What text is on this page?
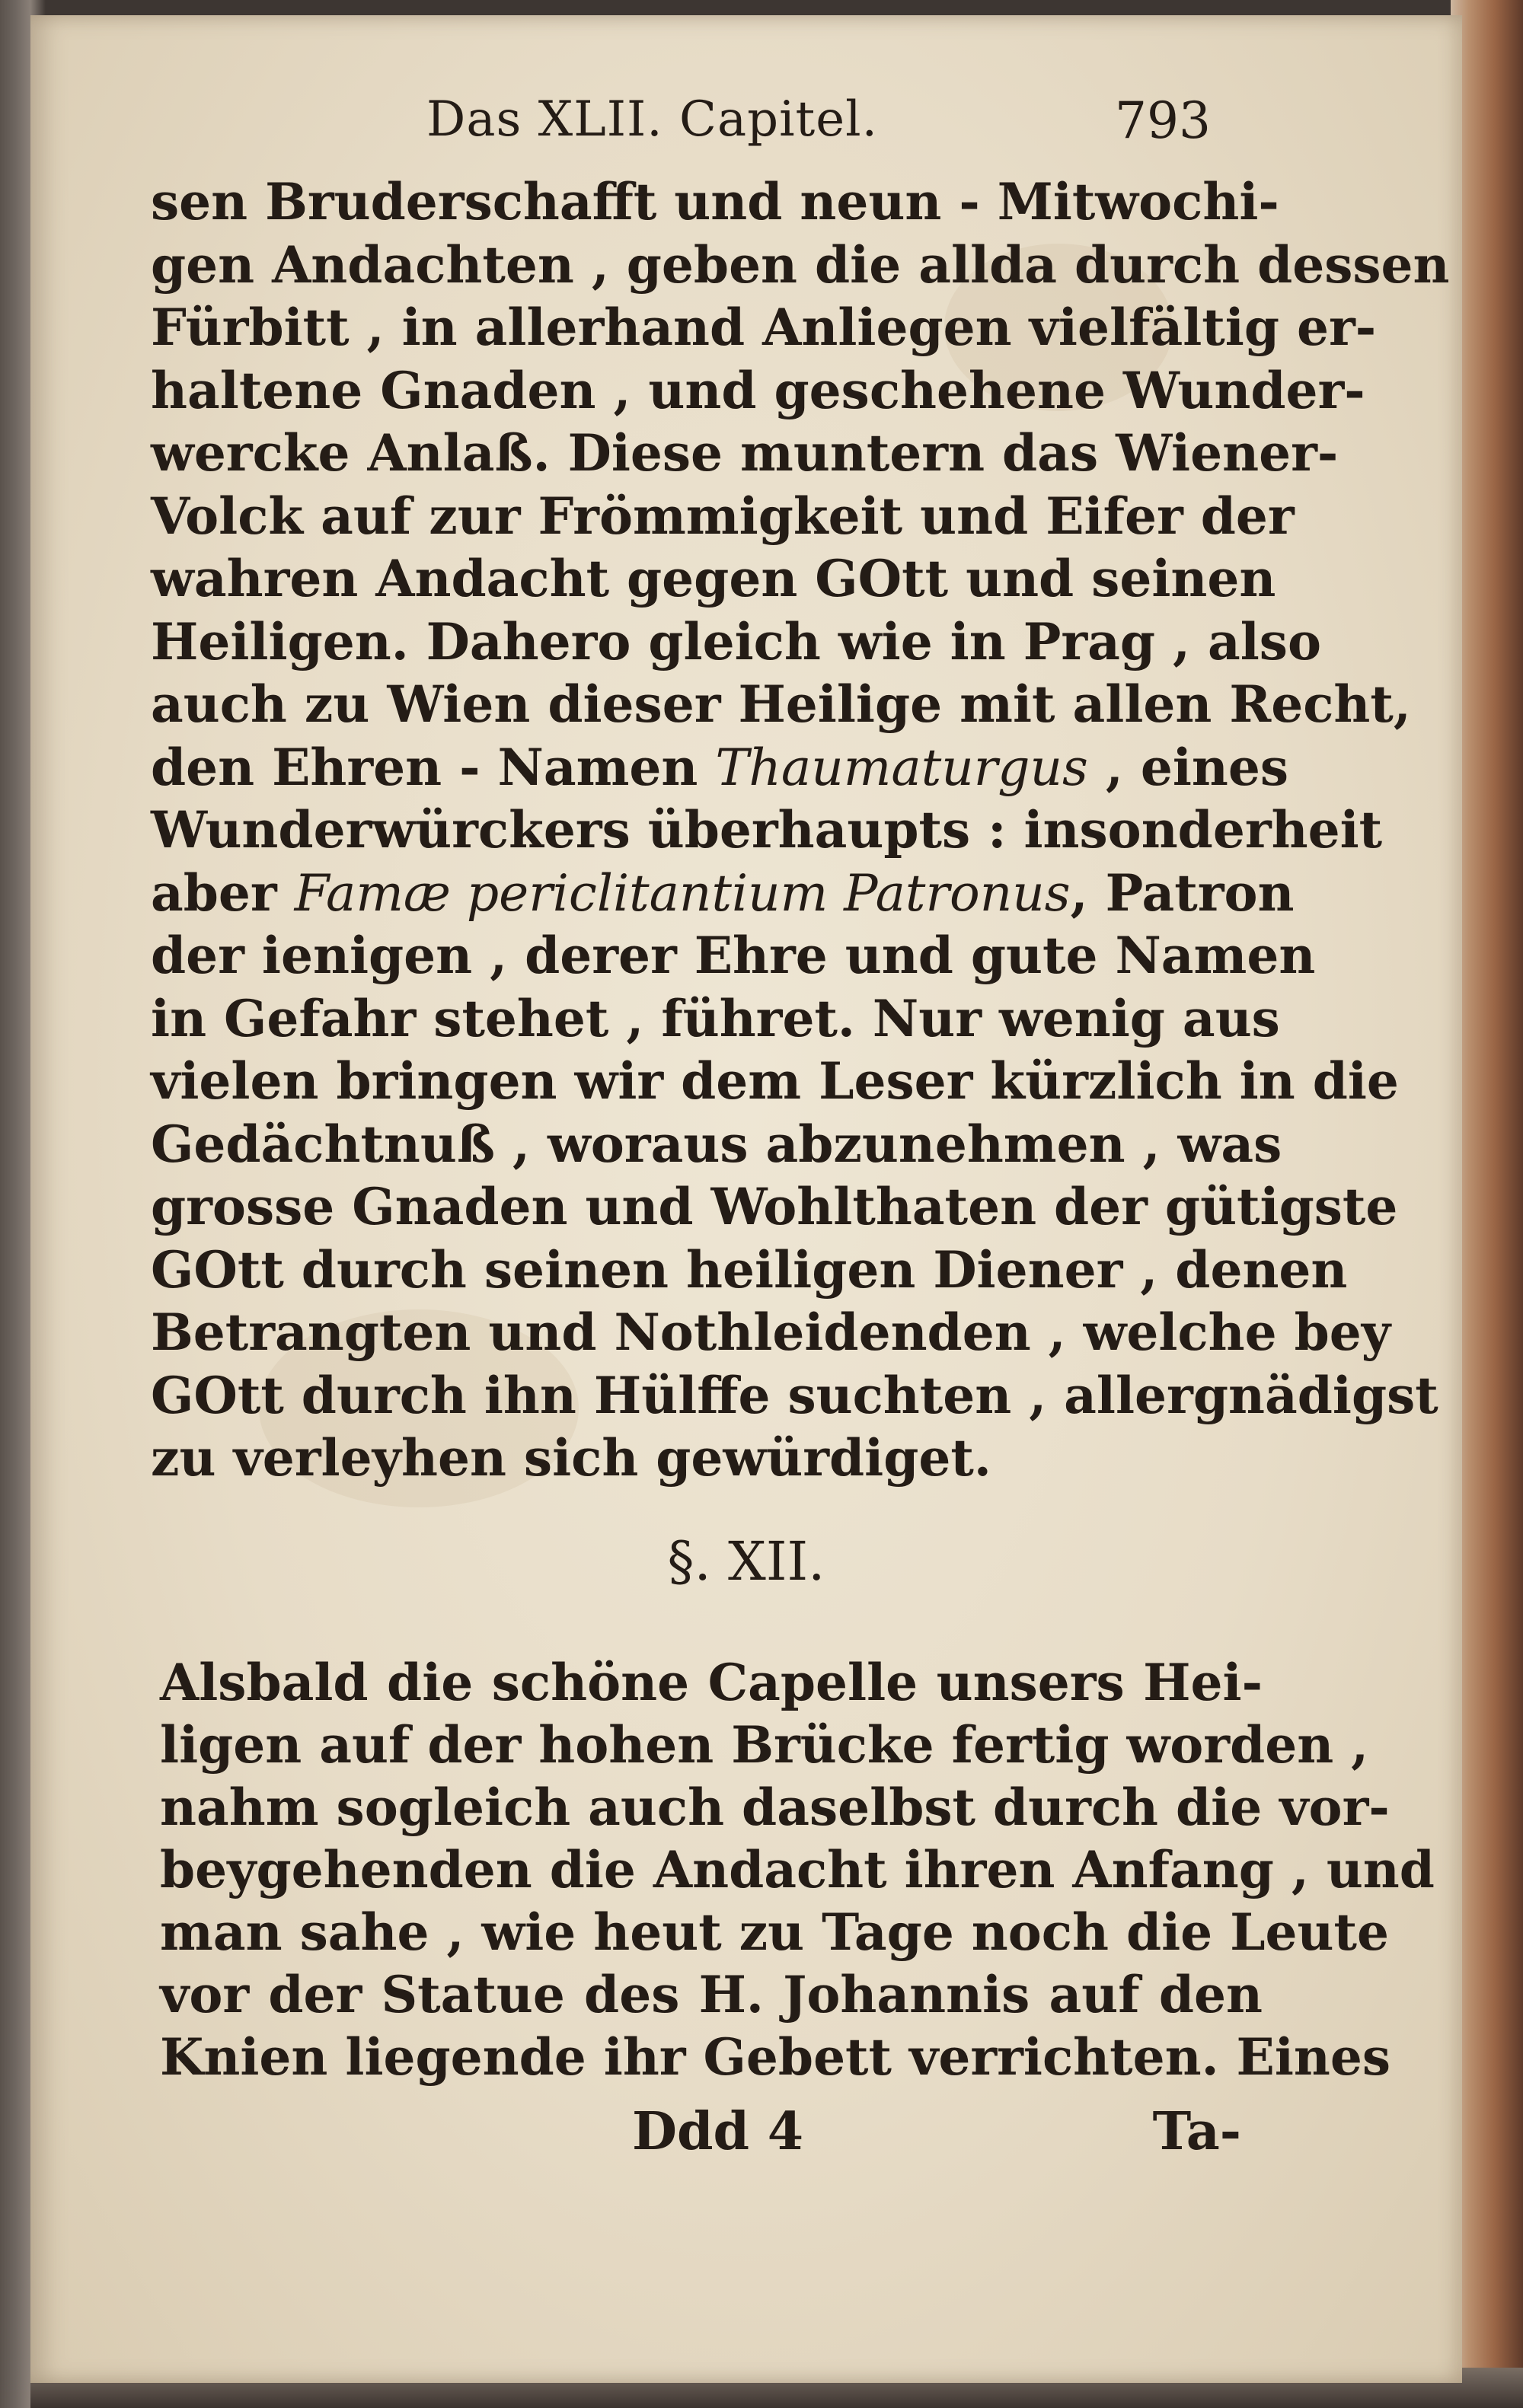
Das XLII. Capitel.	793
sen Bruderschafft und neun - Mitwochi-
gen Andachten , geben die allda durch dessen
Fürbitt , in allerhand Anliegen vielfältig er-
haltene Gnaden , und geschehene Wunder-
wercke Anlaß. Diese muntern das Wiener-
Volck auf zur Frömmigkeit und Eifer der
wahren Andacht gegen GOtt und seinen
Heiligen. Dahero gleich wie in Prag , also
auch zu Wien dieser Heilige mit allen Recht,
den Ehren - Namen Thaumaturgus , eines
Wunderwürckers überhaupts : insonderheit
aber Famæ periclitantium Patronus, Patron
der ienigen , derer Ehre und gute Namen
in Gefahr stehet , führet. Nur wenig aus
vielen bringen wir dem Leser kürzlich in die
Gedächtnuß , woraus abzunehmen , was
grosse Gnaden und Wohlthaten der gütigste
GOtt durch seinen heiligen Diener , denen
Betrangten und Nothleidenden , welche bey
GOtt durch ihn Hülffe suchten , allergnädigst
zu verleyhen sich gewürdiget.
§. XII.
Alsbald die schöne Capelle unsers Hei-
ligen auf der hohen Brücke fertig worden ,
nahm sogleich auch daselbst durch die vor-
beygehenden die Andacht ihren Anfang , und
man sahe , wie heut zu Tage noch die Leute
vor der Statue des H. Johannis auf den
Knien liegende ihr Gebett verrichten. Eines
Ddd 4	Ta-
